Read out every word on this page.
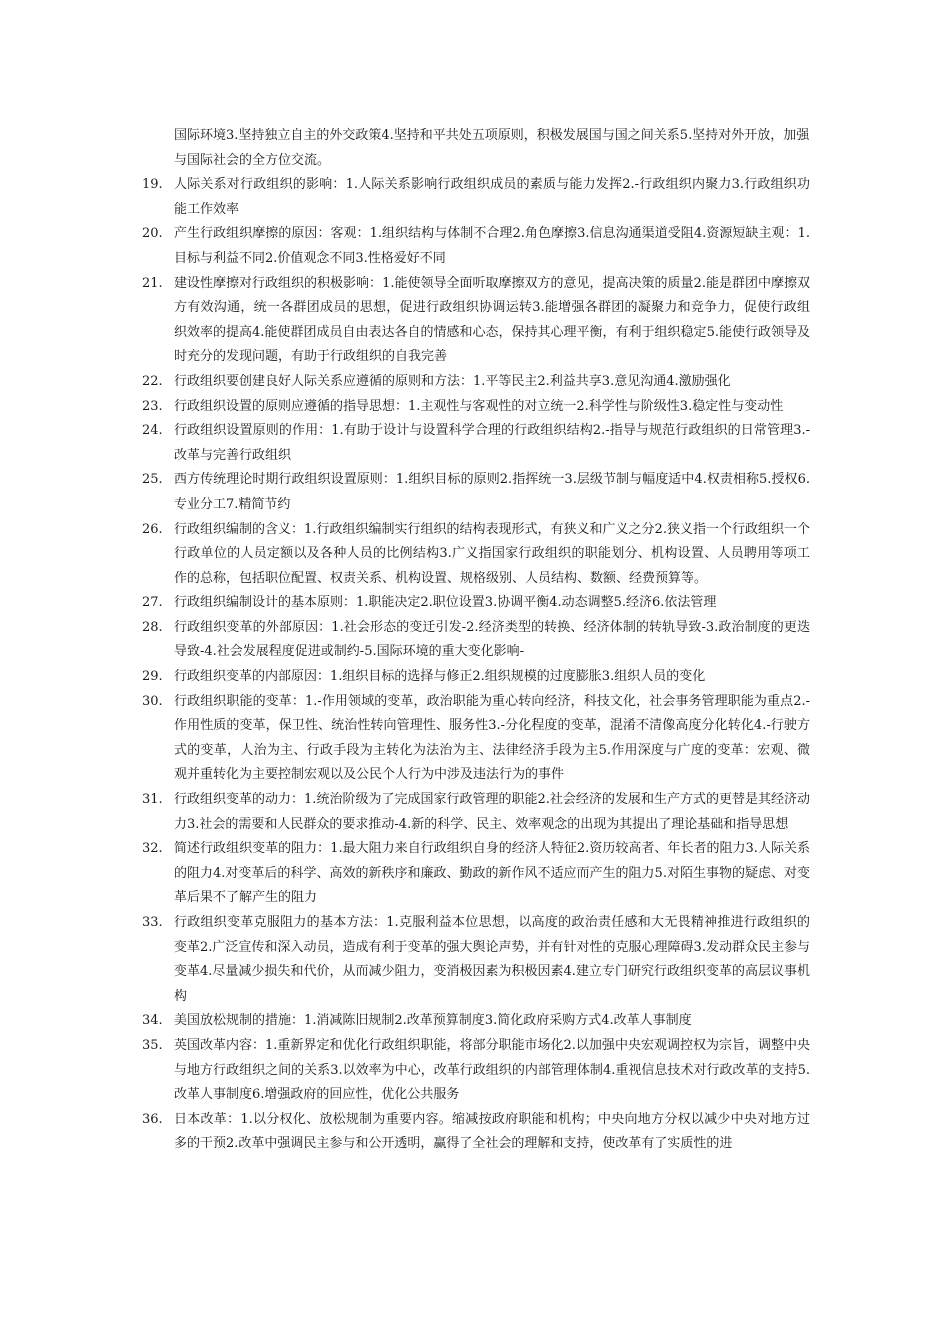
国际环境3.坚持独立自主的外交政策4.坚持和平共处五项原则，积极发展国与国之间关系5.坚持对外开放，加强与国际社会的全方位交流。

19. 人际关系对行政组织的影响：1.人际关系影响行政组织成员的素质与能力发挥2.-行政组织内聚力3.行政组织功能工作效率
20. 产生行政组织摩擦的原因：客观：1.组织结构与体制不合理2.角色摩擦3.信息沟通渠道受阻4.资源短缺主观：1.目标与利益不同2.价值观念不同3.性格爱好不同
21. 建设性摩擦对行政组织的积极影响：1.能使领导全面听取摩擦双方的意见，提高决策的质量2.能是群团中摩擦双方有效沟通，统一各群团成员的思想，促进行政组织协调运转3.能增强各群团的凝聚力和竞争力，促使行政组织效率的提高4.能使群团成员自由表达各自的情感和心态，保持其心理平衡，有利于组织稳定5.能使行政领导及时充分的发现问题，有助于行政组织的自我完善
22. 行政组织要创建良好人际关系应遵循的原则和方法：1.平等民主2.利益共享3.意见沟通4.激励强化
23. 行政组织设置的原则应遵循的指导思想：1.主观性与客观性的对立统一2.科学性与阶级性3.稳定性与变动性
24. 行政组织设置原则的作用：1.有助于设计与设置科学合理的行政组织结构2.-指导与规范行政组织的日常管理3.-改革与完善行政组织
25. 西方传统理论时期行政组织设置原则：1.组织目标的原则2.指挥统一3.层级节制与幅度适中4.权责相称5.授权6.专业分工7.精简节约
26. 行政组织编制的含义：1.行政组织编制实行组织的结构表现形式，有狭义和广义之分2.狭义指一个行政组织一个行政单位的人员定额以及各种人员的比例结构3.广义指国家行政组织的职能划分、机构设置、人员聘用等项工作的总称，包括职位配置、权责关系、机构设置、规格级别、人员结构、数额、经费预算等。
27. 行政组织编制设计的基本原则：1.职能决定2.职位设置3.协调平衡4.动态调整5.经济6.依法管理
28. 行政组织变革的外部原因：1.社会形态的变迁引发-2.经济类型的转换、经济体制的转轨导致-3.政治制度的更迭导致-4.社会发展程度促进或制约-5.国际环境的重大变化影响-
29. 行政组织变革的内部原因：1.组织目标的选择与修正2.组织规模的过度膨胀3.组织人员的变化
30. 行政组织职能的变革：1.-作用领域的变革，政治职能为重心转向经济，科技文化，社会事务管理职能为重点2.-作用性质的变革，保卫性、统治性转向管理性、服务性3.-分化程度的变革，混淆不清像高度分化转化4.-行驶方式的变革，人治为主、行政手段为主转化为法治为主、法律经济手段为主5.作用深度与广度的变革：宏观、微观并重转化为主要控制宏观以及公民个人行为中涉及违法行为的事件
31. 行政组织变革的动力：1.统治阶级为了完成国家行政管理的职能2.社会经济的发展和生产方式的更替是其经济动力3.社会的需要和人民群众的要求推动-4.新的科学、民主、效率观念的出现为其提出了理论基础和指导思想
32. 简述行政组织变革的阻力：1.最大阻力来自行政组织自身的经济人特征2.资历较高者、年长者的阻力3.人际关系的阻力4.对变革后的科学、高效的新秩序和廉政、勤政的新作风不适应而产生的阻力5.对陌生事物的疑虑、对变革后果不了解产生的阻力
33. 行政组织变革克服阻力的基本方法：1.克服利益本位思想，以高度的政治责任感和大无畏精神推进行政组织的变革2.广泛宣传和深入动员，造成有利于变革的强大舆论声势，并有针对性的克服心理障碍3.发动群众民主参与变革4.尽量减少损失和代价，从而减少阻力，变消极因素为积极因素4.建立专门研究行政组织变革的高层议事机构
34. 美国放松规制的措施：1.消减陈旧规制2.改革预算制度3.简化政府采购方式4.改革人事制度
35. 英国改革内容：1.重新界定和优化行政组织职能，将部分职能市场化2.以加强中央宏观调控权为宗旨，调整中央与地方行政组织之间的关系3.以效率为中心，改革行政组织的内部管理体制4.重视信息技术对行政改革的支持5.改革人事制度6.增强政府的回应性，优化公共服务
36. 日本改革：1.以分权化、放松规制为重要内容。缩减按政府职能和机构；中央向地方分权以减少中央对地方过多的干预2.改革中强调民主参与和公开透明，赢得了全社会的理解和支持，使改革有了实质性的进
